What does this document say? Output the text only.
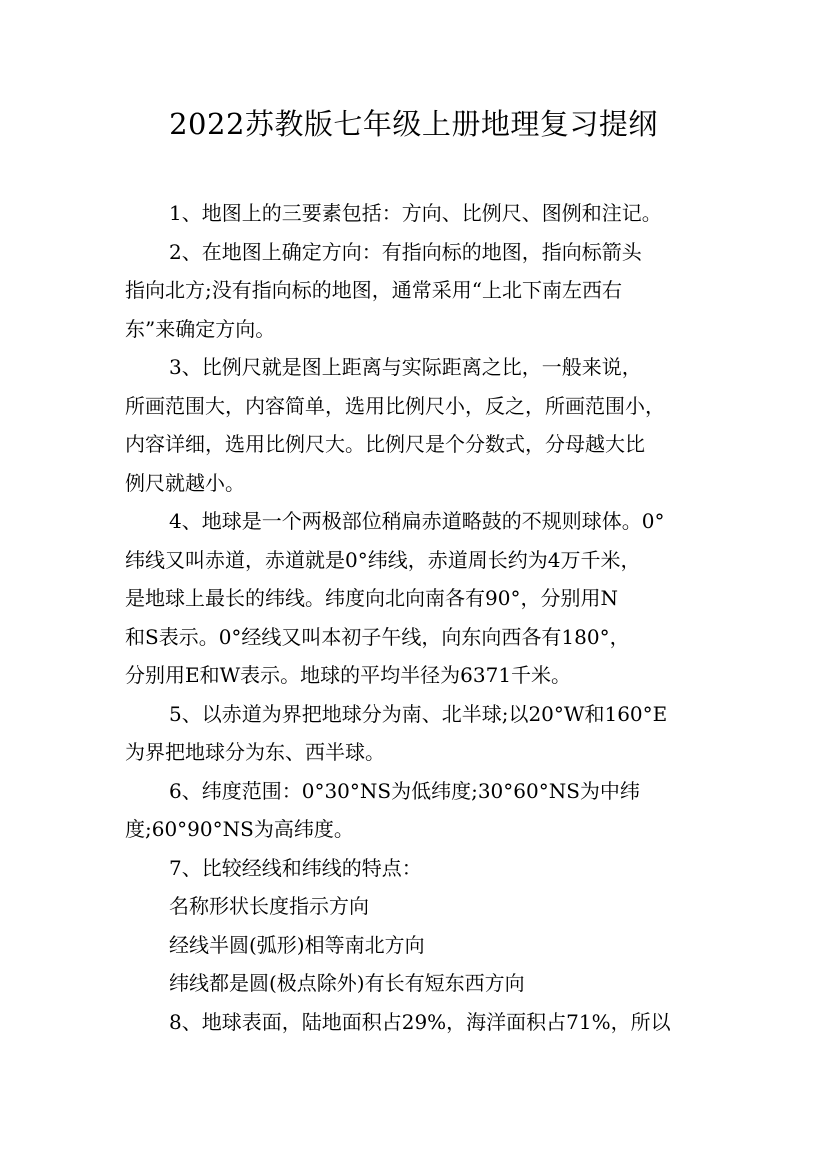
2022苏教版七年级上册地理复习提纲
1、地图上的三要素包括：方向、比例尺、图例和注记。
2、在地图上确定方向：有指向标的地图，指向标箭头
指向北方;没有指向标的地图，通常采用“上北下南左西右
东”来确定方向。
3、比例尺就是图上距离与实际距离之比，一般来说，
所画范围大，内容简单，选用比例尺小，反之，所画范围小，
内容详细，选用比例尺大。比例尺是个分数式，分母越大比
例尺就越小。
4、地球是一个两极部位稍扁赤道略鼓的不规则球体。0°
纬线又叫赤道，赤道就是0°纬线，赤道周长约为4万千米，
是地球上最长的纬线。纬度向北向南各有90°，分别用N
和S表示。0°经线又叫本初子午线，向东向西各有180°，
分别用E和W表示。地球的平均半径为6371千米。
5、以赤道为界把地球分为南、北半球;以20°W和160°E
为界把地球分为东、西半球。
6、纬度范围：0°30°NS为低纬度;30°60°NS为中纬
度;60°90°NS为高纬度。
7、比较经线和纬线的特点：
名称形状长度指示方向
经线半圆(弧形)相等南北方向
纬线都是圆(极点除外)有长有短东西方向
8、地球表面，陆地面积占29%，海洋面积占71%，所以
